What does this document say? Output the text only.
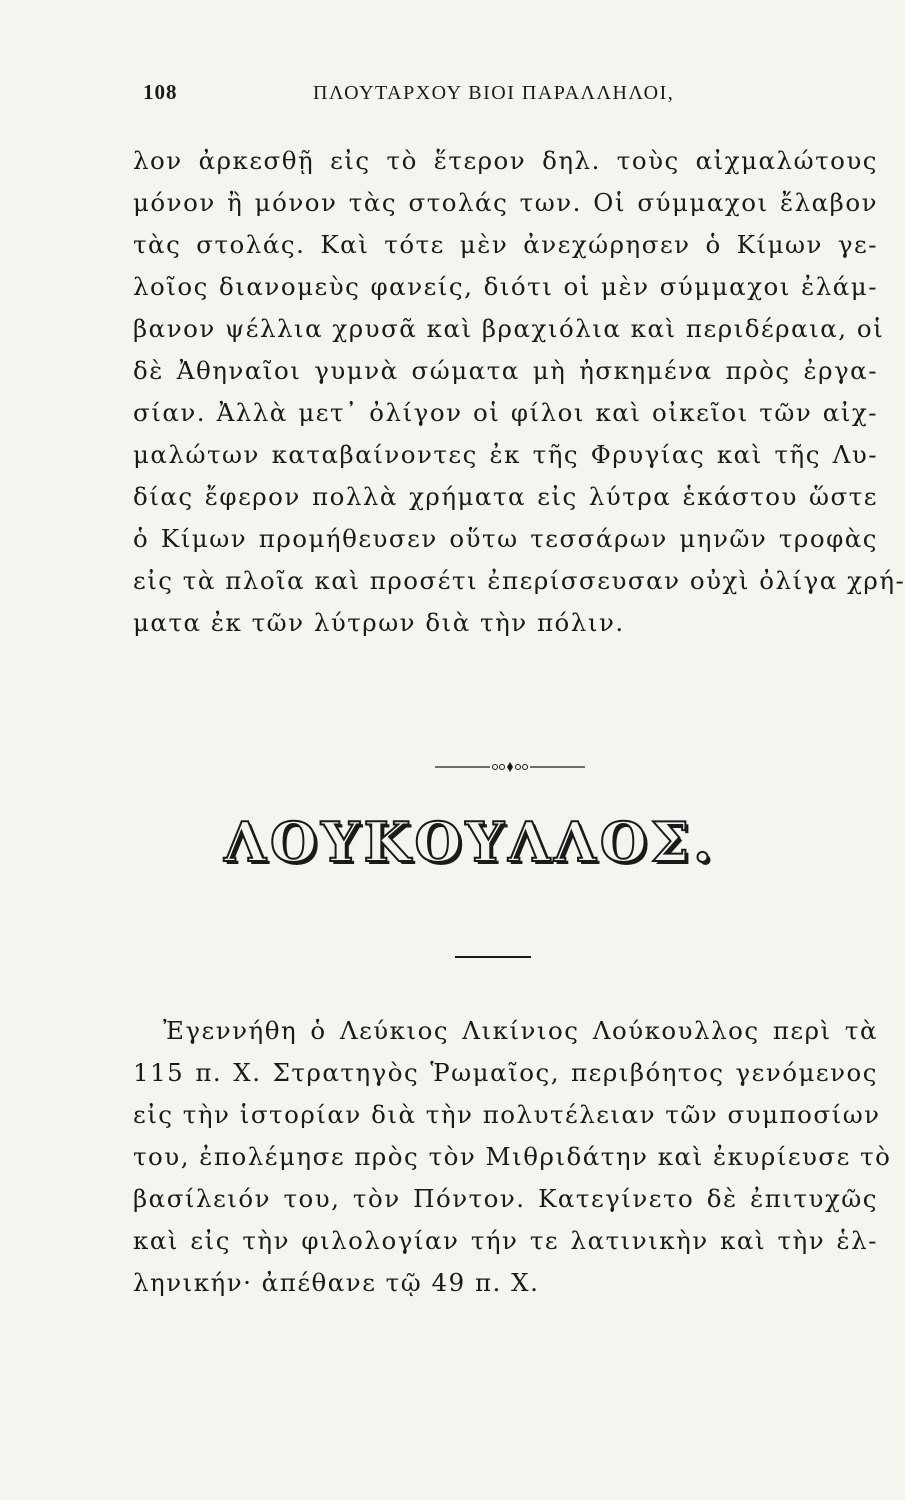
108	ΠΛΟΥΤΑΡΧΟΥ ΒΙΟΙ ΠΑΡΑΛΛΗΛΟΙ,
λον ἀρκεσθῇ εἰς τὸ ἕτερον δηλ. τοὺς αἰχμαλώτους
μόνον ἢ μόνον τὰς στολάς των. Οἱ σύμμαχοι ἔλαβον
τὰς στολάς. Καὶ τότε μὲν ἀνεχώρησεν ὁ Κίμων γε-
λοῖος διανομεὺς φανείς, διότι οἱ μὲν σύμμαχοι ἐλάμ-
βανον ψέλλια χρυσᾶ καὶ βραχιόλια καὶ περιδέραια, οἱ
δὲ Ἀθηναῖοι γυμνὰ σώματα μὴ ἠσκημένα πρὸς ἐργα-
σίαν. Ἀλλὰ μετ᾽ ὀλίγον οἱ φίλοι καὶ οἰκεῖοι τῶν αἰχ-
μαλώτων καταβαίνοντες ἐκ τῆς Φρυγίας καὶ τῆς Λυ-
δίας ἔφερον πολλὰ χρήματα εἰς λύτρα ἑκάστου ὥστε
ὁ Κίμων προμήθευσεν οὕτω τεσσάρων μηνῶν τροφὰς
εἰς τὰ πλοῖα καὶ προσέτι ἐπερίσσευσαν οὐχὶ ὀλίγα χρή-
ματα ἐκ τῶν λύτρων διὰ τὴν πόλιν.
ΛΟΥΚΟΥΛΛΟΣ.
Ἐγεννήθη ὁ Λεύκιος Λικίνιος Λούκουλλος περὶ τὰ
115 π. Χ. Στρατηγὸς Ῥωμαῖος, περιβόητος γενόμενος
εἰς τὴν ἱστορίαν διὰ τὴν πολυτέλειαν τῶν συμποσίων
του, ἐπολέμησε πρὸς τὸν Μιθριδάτην καὶ ἐκυρίευσε τὸ
βασίλειόν του, τὸν Πόντον. Κατεγίνετο δὲ ἐπιτυχῶς
καὶ εἰς τὴν φιλολογίαν τήν τε λατινικὴν καὶ τὴν ἑλ-
ληνικήν· ἀπέθανε τῷ 49 π. Χ.
